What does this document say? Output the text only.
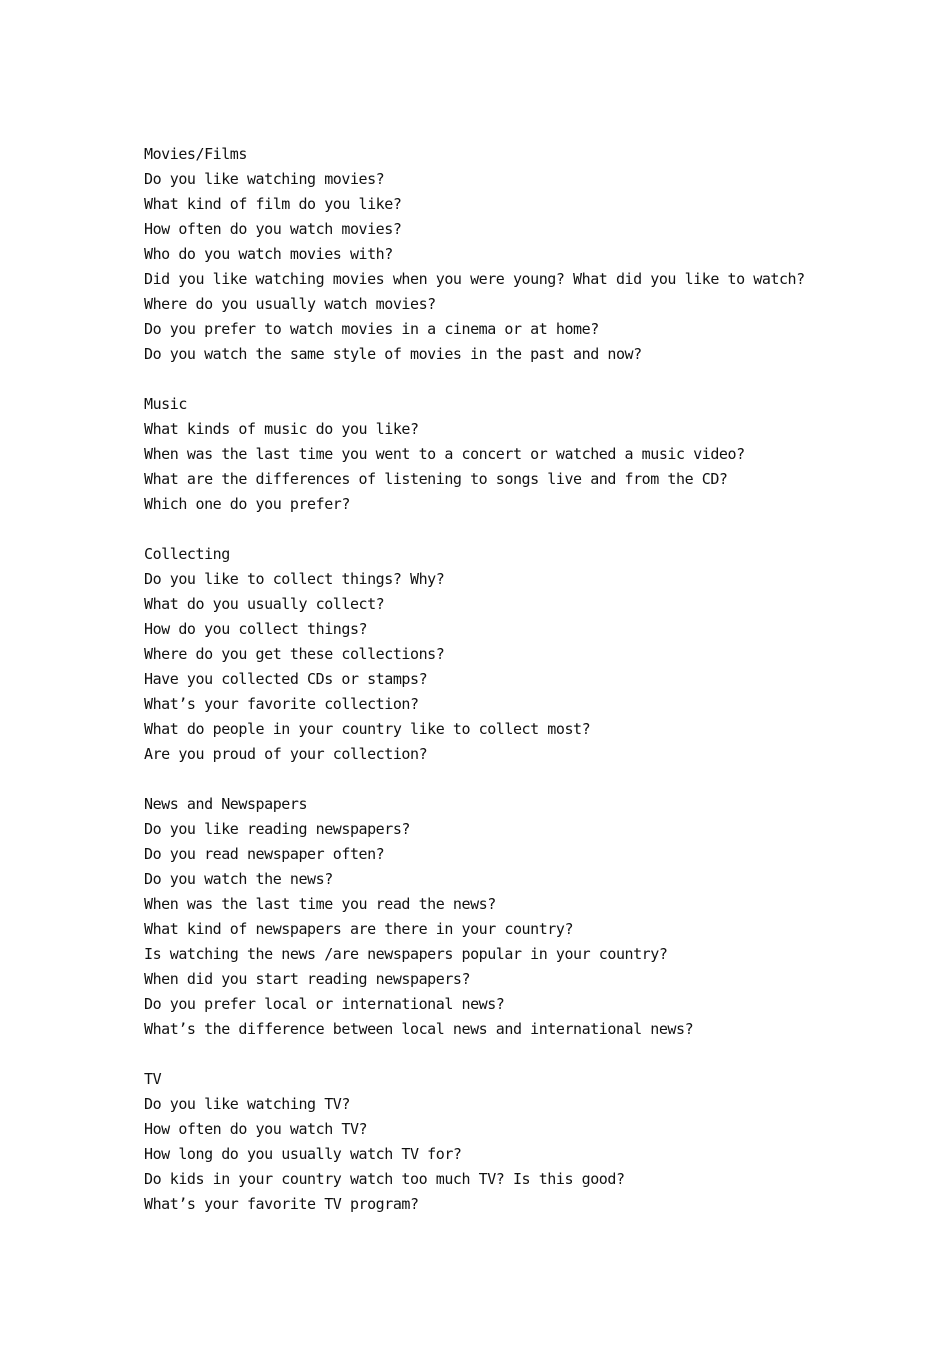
Movies/Films
Do you like watching movies?
What kind of film do you like?
How often do you watch movies?
Who do you watch movies with?
Did you like watching movies when you were young? What did you like to watch?
Where do you usually watch movies?
Do you prefer to watch movies in a cinema or at home?
Do you watch the same style of movies in the past and now?
Music
What kinds of music do you like?
When was the last time you went to a concert or watched a music video?
What are the differences of listening to songs live and from the CD?
Which one do you prefer?
Collecting
Do you like to collect things? Why?
What do you usually collect?
How do you collect things?
Where do you get these collections?
Have you collected CDs or stamps?
What’s your favorite collection?
What do people in your country like to collect most?
Are you proud of your collection?
News and Newspapers
Do you like reading newspapers?
Do you read newspaper often?
Do you watch the news?
When was the last time you read the news?
What kind of newspapers are there in your country?
Is watching the news /are newspapers popular in your country?
When did you start reading newspapers?
Do you prefer local or international news?
What’s the difference between local news and international news?
TV
Do you like watching TV?
How often do you watch TV?
How long do you usually watch TV for?
Do kids in your country watch too much TV? Is this good?
What’s your favorite TV program?
